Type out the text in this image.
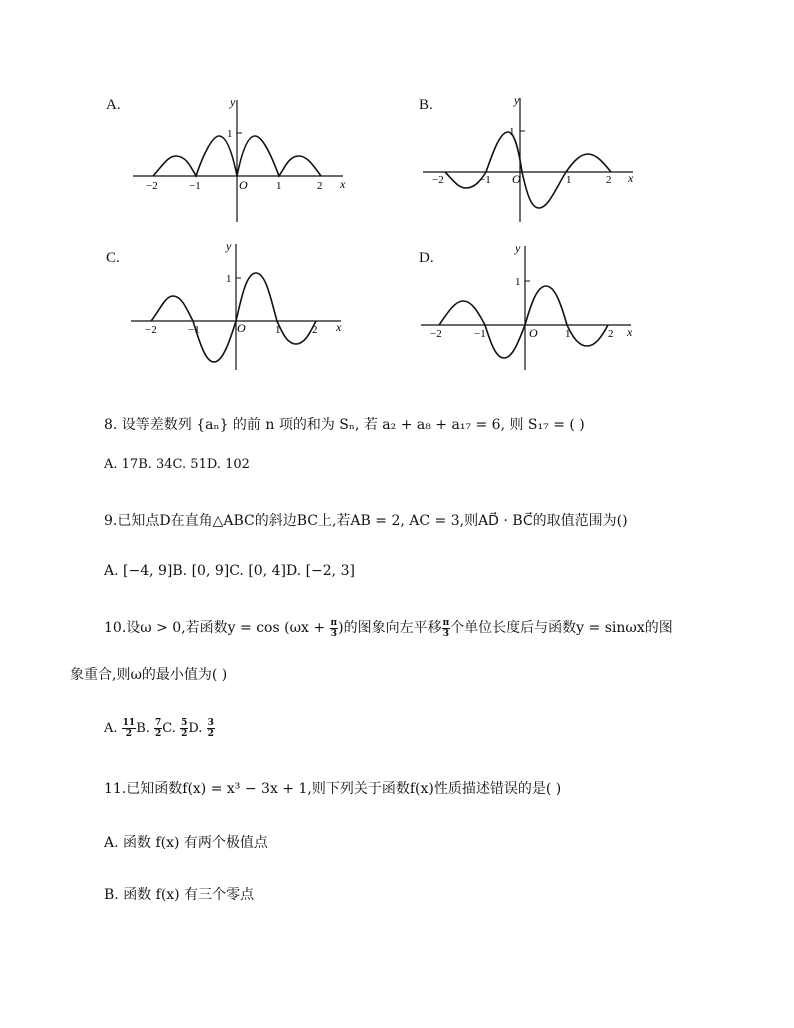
A.	B.
C.	D.
y
x
O
1
−2	−1	1	2
y
x
O
1
−2	−1	1	2
y
x
O
1
−2	−1	1	2
y
x
O
1
−2	−1	1	2
8. 设等差数列 {aₙ} 的前 n 项的和为 Sₙ, 若 a₂ + a₈ + a₁₇ = 6, 则 S₁₇ = ( )
A. 17B. 34C. 51D. 102
9.已知点D在直角△ABC的斜边BC上,若AB = 2, AC = 3,则AD⃗ · BC⃗的取值范围为()
A. [−4, 9]B. [0, 9]C. [0, 4]D. [−2, 3]
10.设ω > 0,若函数$y = \cos (\omega x + \frac{\pi}{3}$ )的图象向左平移 $\frac{\pi}{3}$ 个单位长度后与函数y = sinωx的图
象重合,则ω的最小值为( )
A. $\frac{11}{2} B$. $\frac{7}{2} C$. $\frac{5}{2} D$. $\frac{3}{2}$
11.已知函数f(x) = x³ − 3x + 1,则下列关于函数f(x)性质描述错误的是( )
A. 函数 f(x) 有两个极值点
B. 函数 f(x) 有三个零点
